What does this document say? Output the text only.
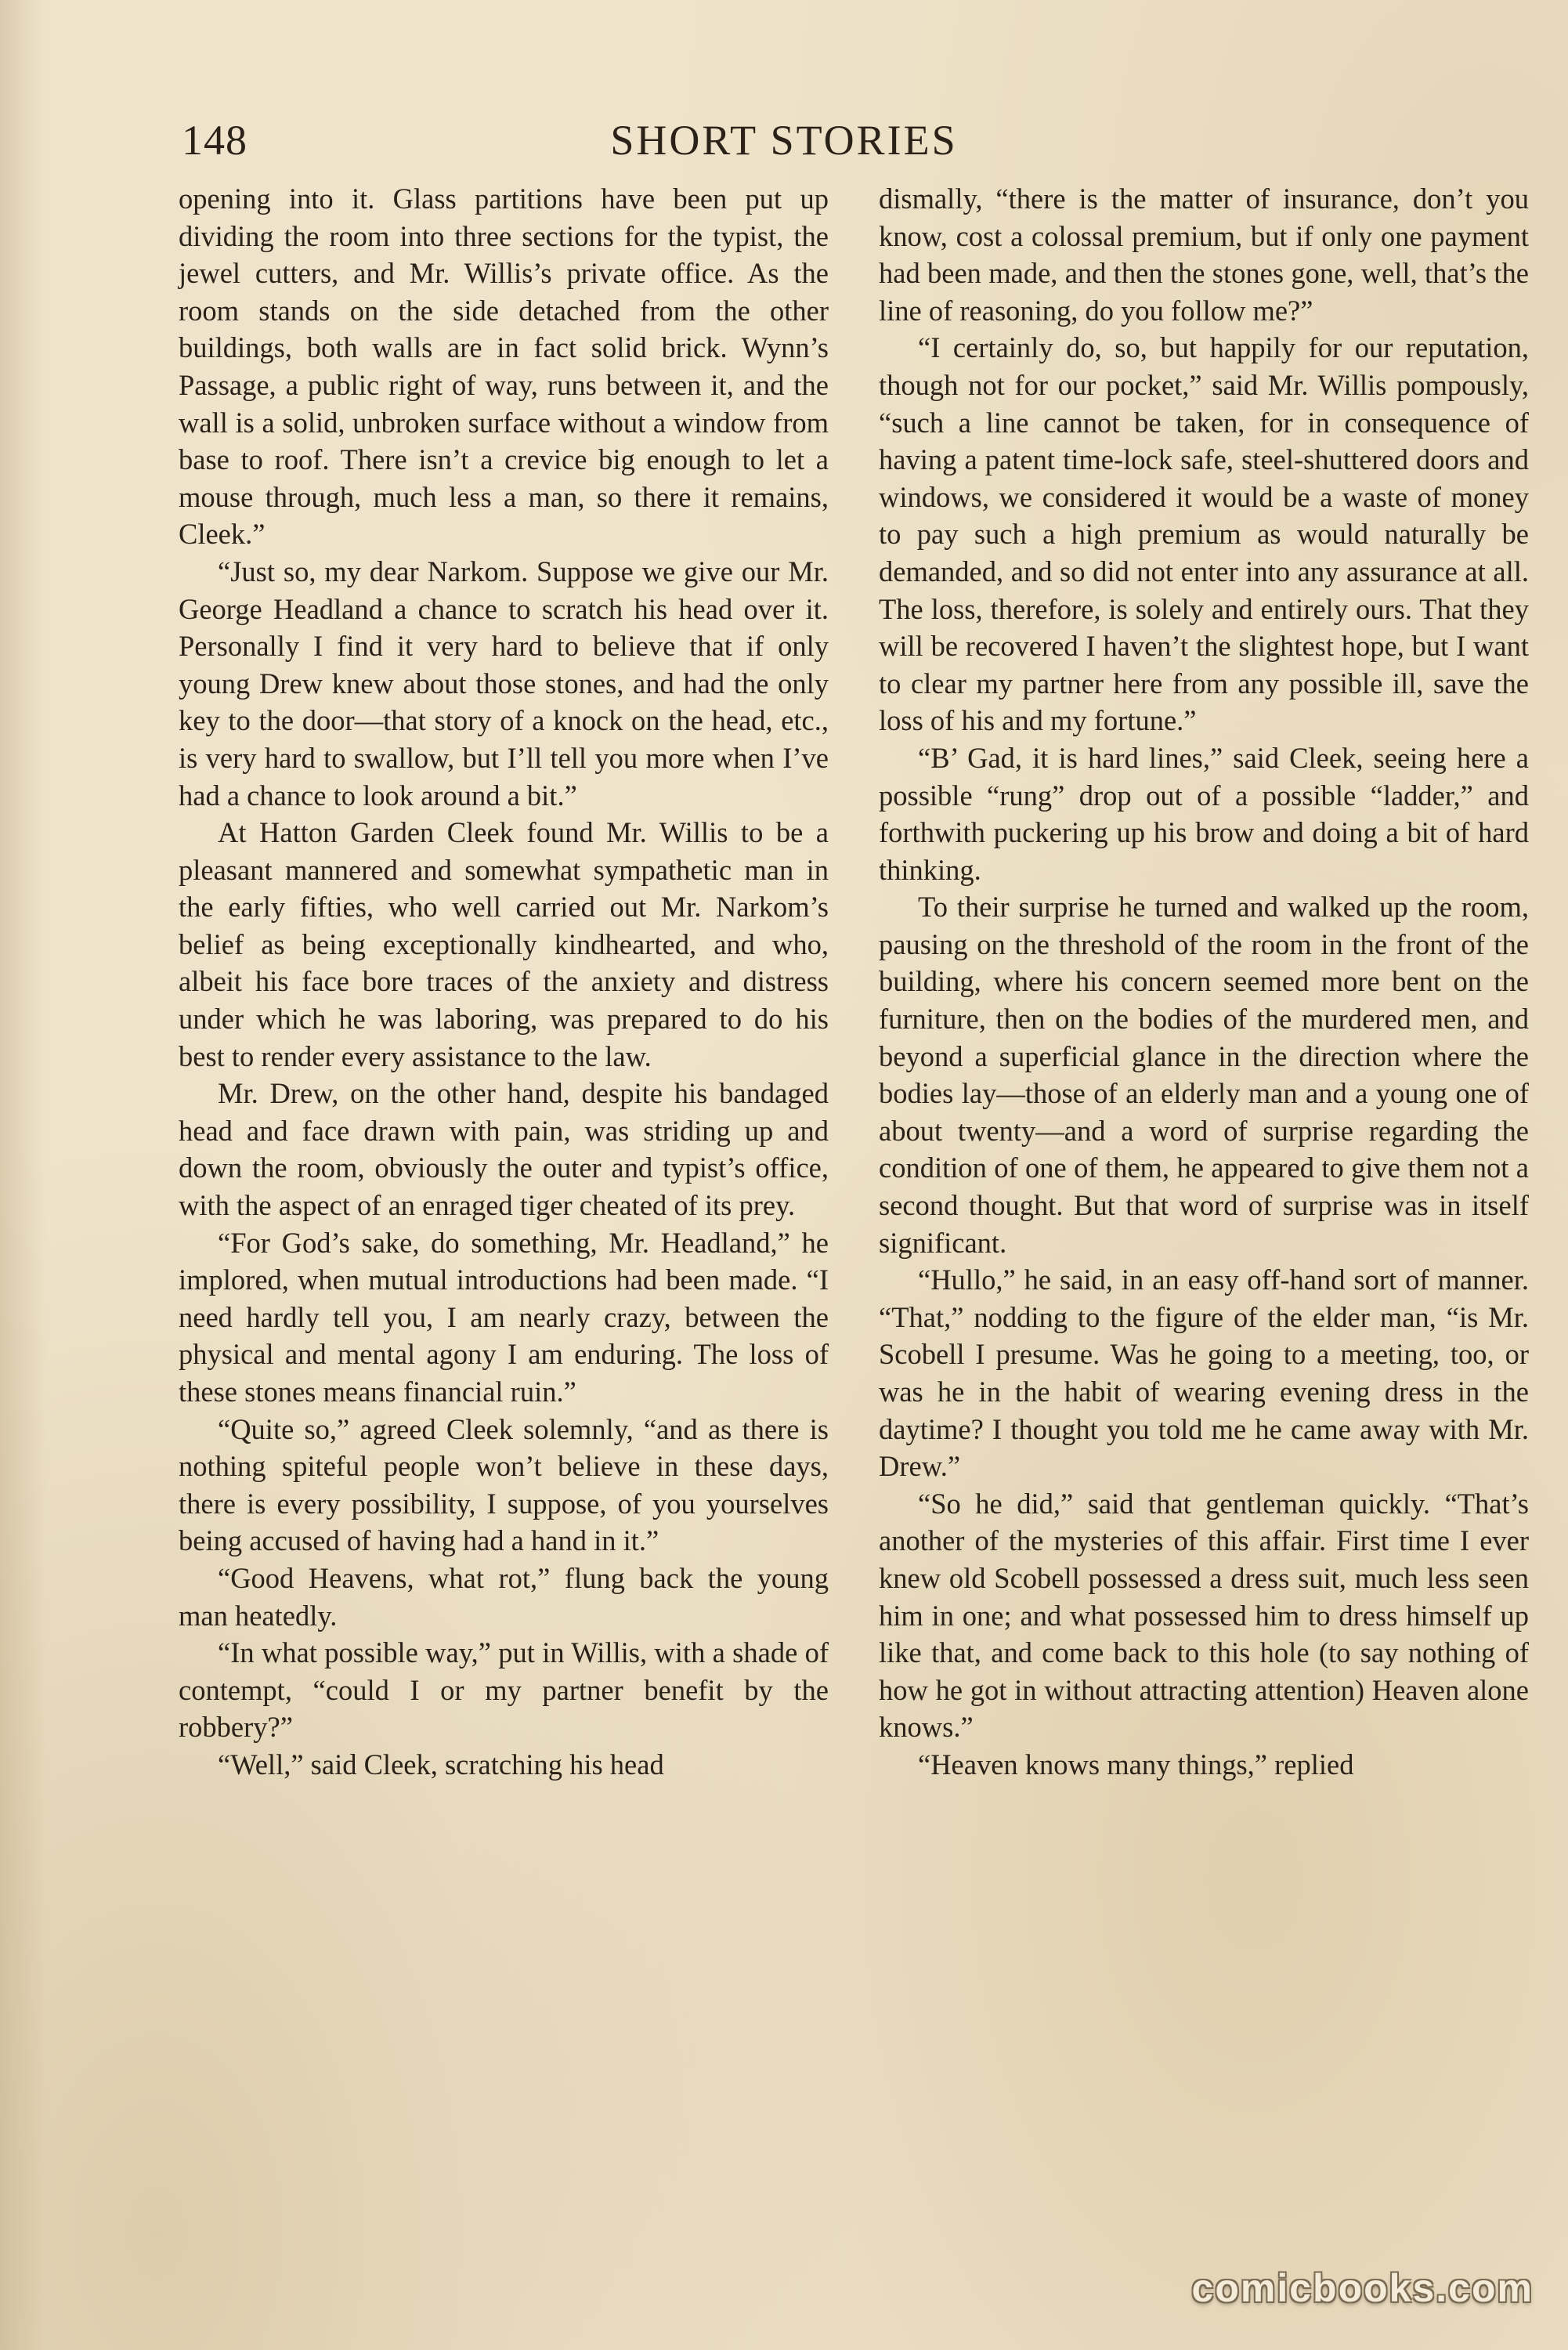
148	SHORT STORIES

opening into it. Glass partitions have been put up dividing the room into three sections for the typist, the jewel cutters, and Mr. Willis’s private office. As the room stands on the side detached from the other buildings, both walls are in fact solid brick. Wynn’s Passage, a public right of way, runs between it, and the wall is a solid, unbroken surface without a window from base to roof. There isn’t a crevice big enough to let a mouse through, much less a man, so there it remains, Cleek.”

“Just so, my dear Narkom. Suppose we give our Mr. George Headland a chance to scratch his head over it. Personally I find it very hard to believe that if only young Drew knew about those stones, and had the only key to the door—that story of a knock on the head, etc., is very hard to swallow, but I’ll tell you more when I’ve had a chance to look around a bit.”

At Hatton Garden Cleek found Mr. Willis to be a pleasant mannered and somewhat sympathetic man in the early fifties, who well carried out Mr. Narkom’s belief as being exceptionally kindhearted, and who, albeit his face bore traces of the anxiety and distress under which he was laboring, was prepared to do his best to render every assistance to the law.

Mr. Drew, on the other hand, despite his bandaged head and face drawn with pain, was striding up and down the room, obviously the outer and typist’s office, with the aspect of an enraged tiger cheated of its prey.

“For God’s sake, do something, Mr. Headland,” he implored, when mutual introductions had been made. “I need hardly tell you, I am nearly crazy, between the physical and mental agony I am enduring. The loss of these stones means financial ruin.”

“Quite so,” agreed Cleek solemnly, “and as there is nothing spiteful people won’t believe in these days, there is every possibility, I suppose, of you yourselves being accused of having had a hand in it.”

“Good Heavens, what rot,” flung back the young man heatedly.

“In what possible way,” put in Willis, with a shade of contempt, “could I or my partner benefit by the robbery?”

“Well,” said Cleek, scratching his head

dismally, “there is the matter of insurance, don’t you know, cost a colossal premium, but if only one payment had been made, and then the stones gone, well, that’s the line of reasoning, do you follow me?”

“I certainly do, so, but happily for our reputation, though not for our pocket,” said Mr. Willis pompously, “such a line cannot be taken, for in consequence of having a patent time-lock safe, steel-shuttered doors and windows, we considered it would be a waste of money to pay such a high premium as would naturally be demanded, and so did not enter into any assurance at all. The loss, therefore, is solely and entirely ours. That they will be recovered I haven’t the slightest hope, but I want to clear my partner here from any possible ill, save the loss of his and my fortune.”

“B’ Gad, it is hard lines,” said Cleek, seeing here a possible “rung” drop out of a possible “ladder,” and forthwith puckering up his brow and doing a bit of hard thinking.

To their surprise he turned and walked up the room, pausing on the threshold of the room in the front of the building, where his concern seemed more bent on the furniture, then on the bodies of the murdered men, and beyond a superficial glance in the direction where the bodies lay—those of an elderly man and a young one of about twenty—and a word of surprise regarding the condition of one of them, he appeared to give them not a second thought. But that word of surprise was in itself significant.

“Hullo,” he said, in an easy off-hand sort of manner. “That,” nodding to the figure of the elder man, “is Mr. Scobell I presume. Was he going to a meeting, too, or was he in the habit of wearing evening dress in the daytime? I thought you told me he came away with Mr. Drew.”

“So he did,” said that gentleman quickly. “That’s another of the mysteries of this affair. First time I ever knew old Scobell possessed a dress suit, much less seen him in one; and what possessed him to dress himself up like that, and come back to this hole (to say nothing of how he got in without attracting attention) Heaven alone knows.”

“Heaven knows many things,” replied

comicbooks.com
